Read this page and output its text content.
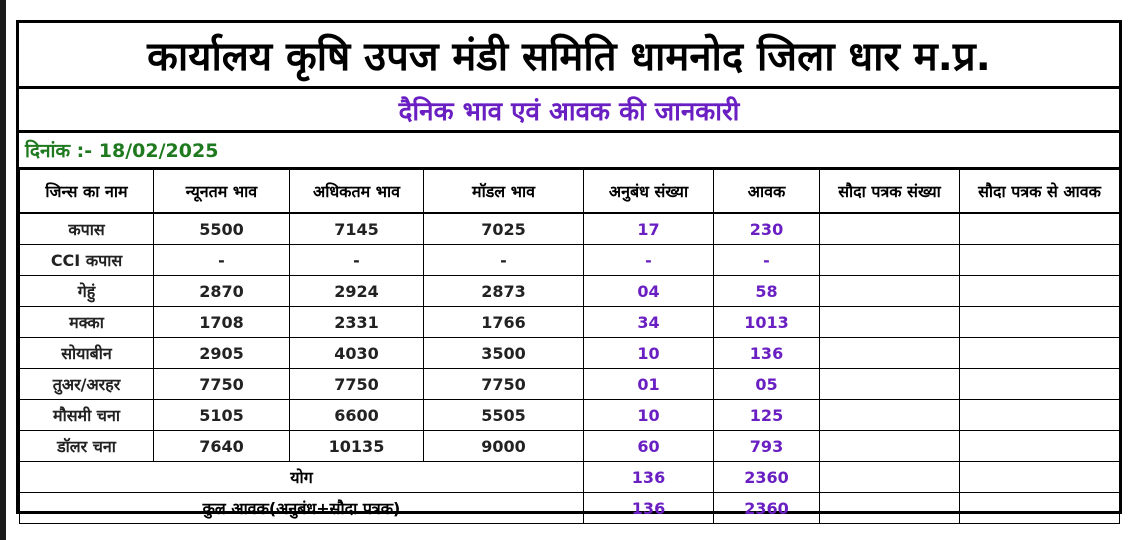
कार्यालय कृषि उपज मंडी समिति धामनोद जिला धार म.प्र.
दैनिक भाव एवं आवक की जानकारी
दिनांक :- 18/02/2025
जिन्स का नाम	न्यूनतम भाव	अधिकतम भाव	मॉडल भाव	अनुबंध संख्या	आवक	सौदा पत्रक संख्या	सौदा पत्रक से आवक
कपास	5500	7145	7025	17	230		
CCI कपास	-	-	-	-	-		
गेहुं	2870	2924	2873	04	58		
मक्का	1708	2331	1766	34	1013		
सोयाबीन	2905	4030	3500	10	136		
तुअर/अरहर	7750	7750	7750	01	05		
मौसमी चना	5105	6600	5505	10	125		
डॉलर चना	7640	10135	9000	60	793		
योग				136	2360		
कुल आवक(अनुबंध+सौदा पत्रक)				136	2360		
